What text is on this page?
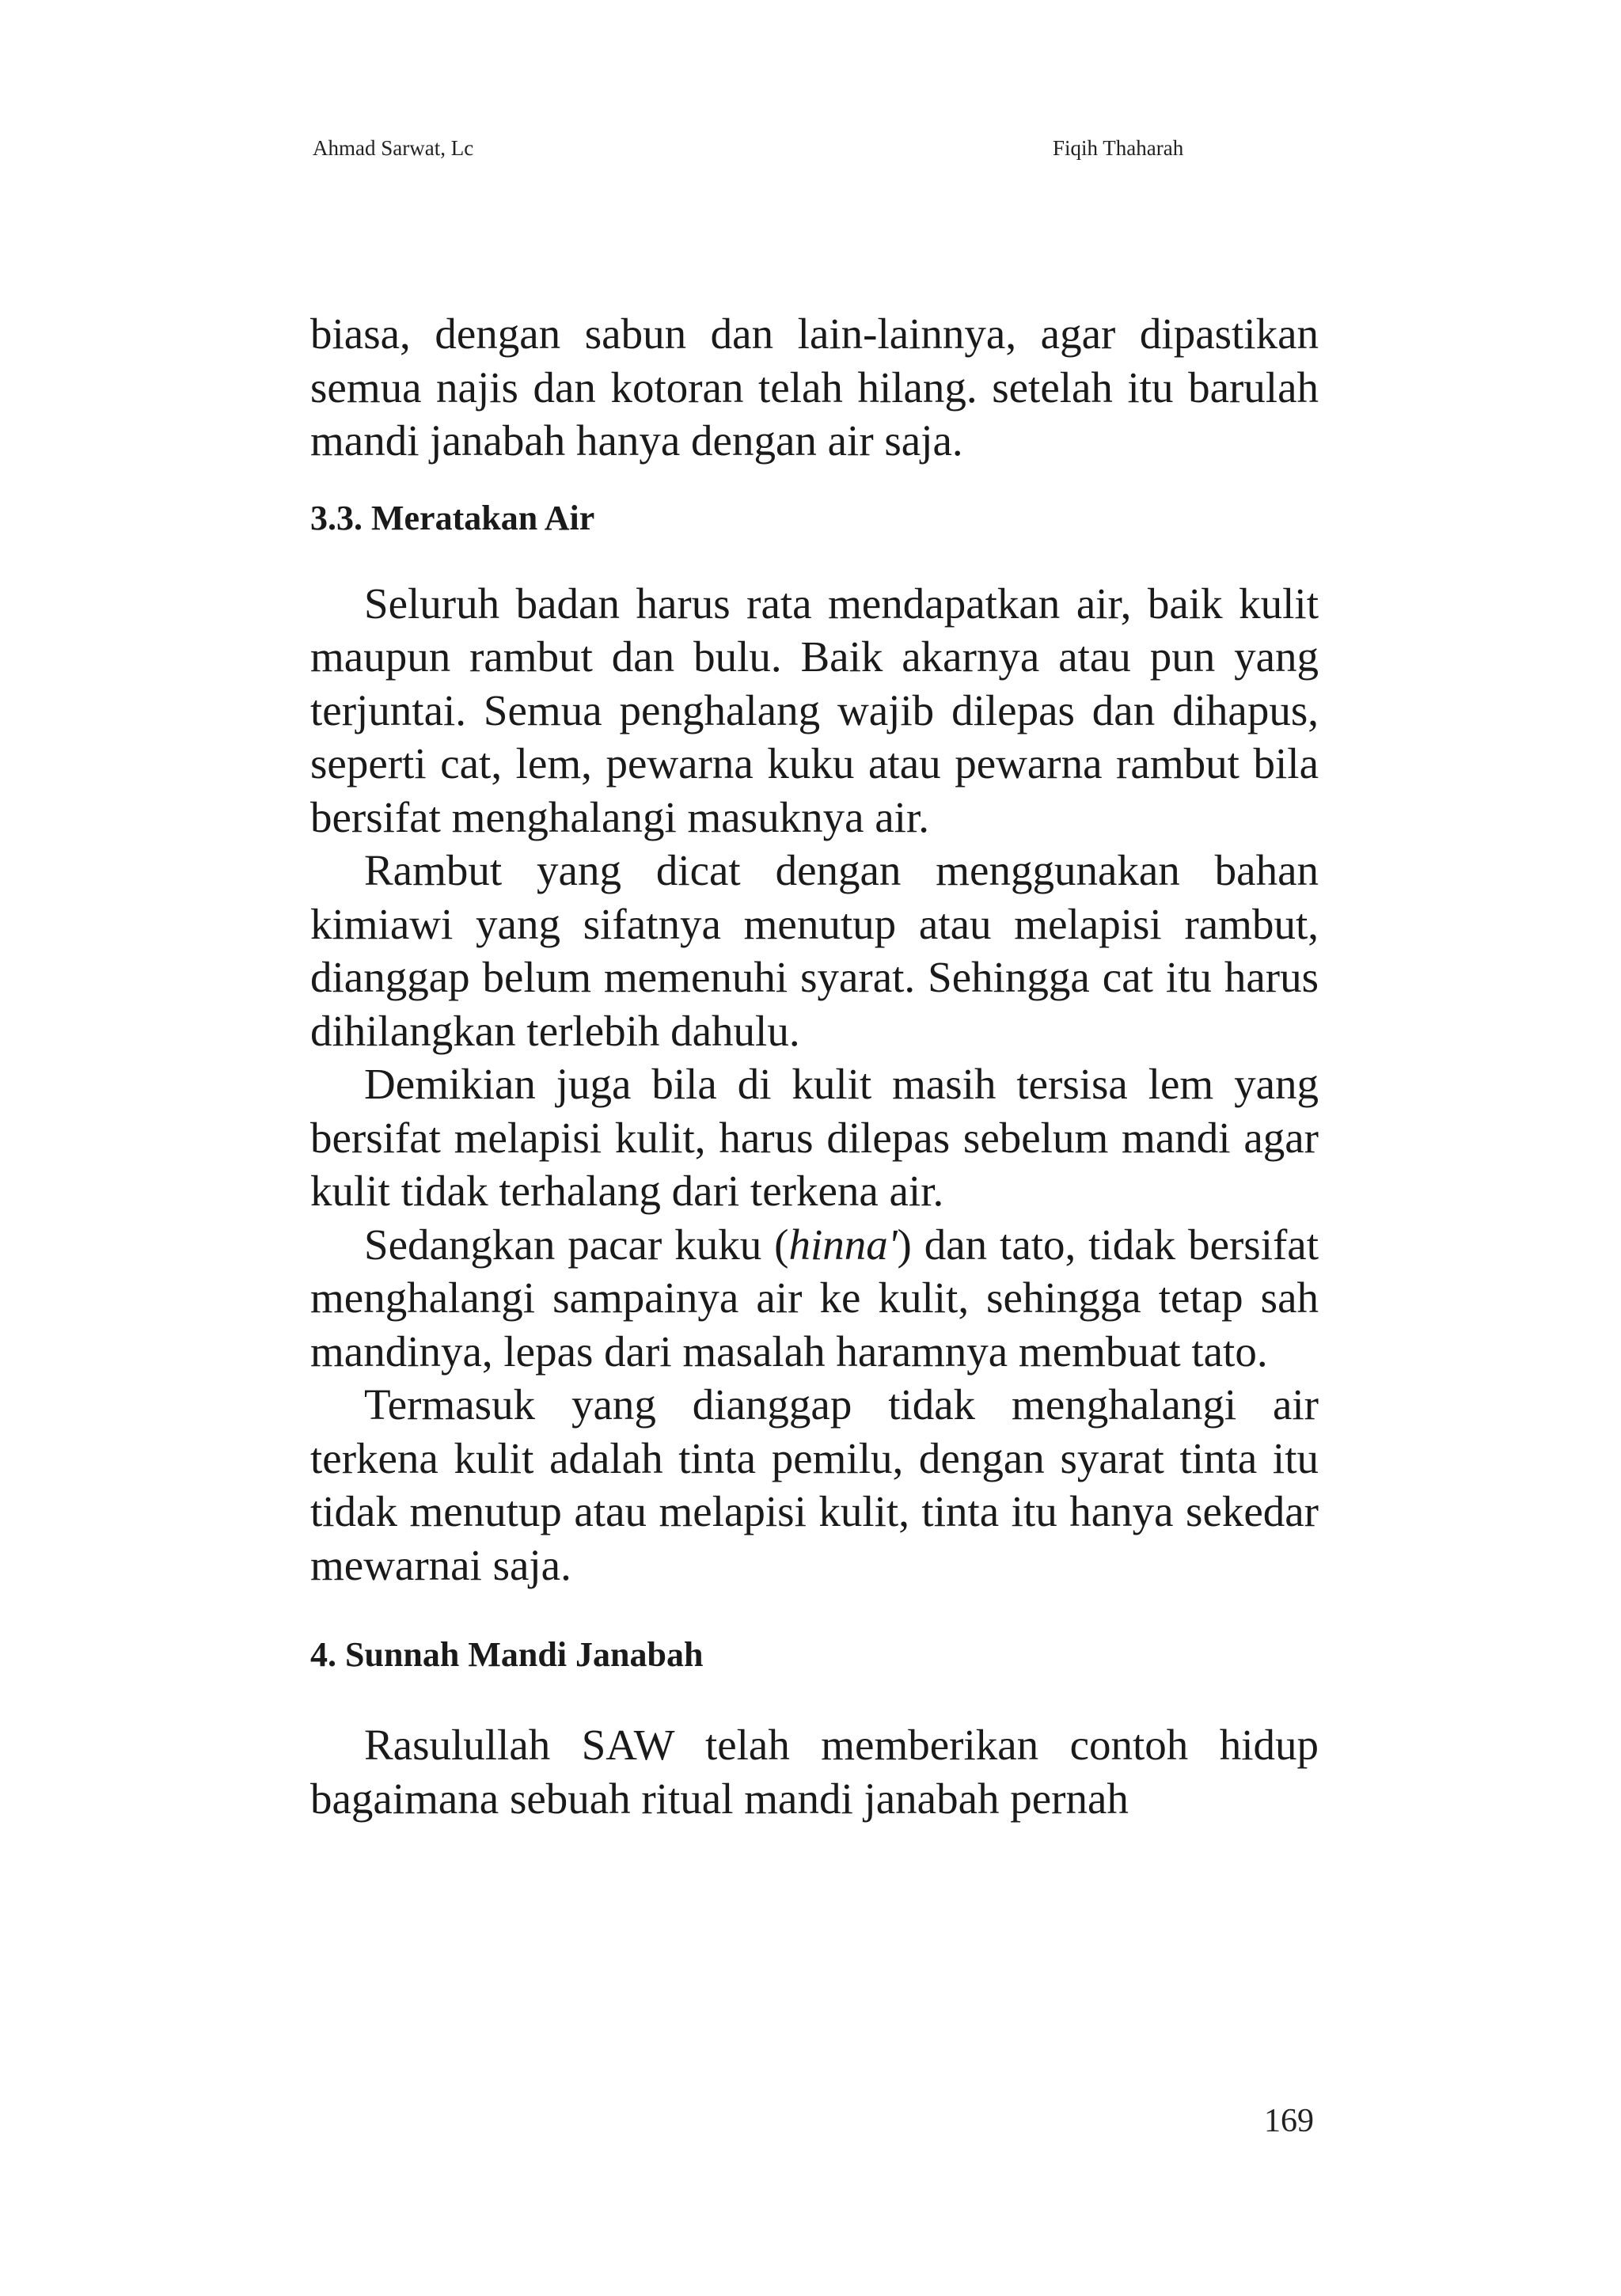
Ahmad Sarwat, Lc	Fiqih Thaharah

biasa, dengan sabun dan lain-lainnya, agar dipastikan semua najis dan kotoran telah hilang. setelah itu barulah mandi janabah hanya dengan air saja.

3.3. Meratakan Air

Seluruh badan harus rata mendapatkan air, baik kulit maupun rambut dan bulu. Baik akarnya atau pun yang terjuntai. Semua penghalang wajib dilepas dan dihapus, seperti cat, lem, pewarna kuku atau pewarna rambut bila bersifat menghalangi masuknya air.

Rambut yang dicat dengan menggunakan bahan kimiawi yang sifatnya menutup atau melapisi rambut, dianggap belum memenuhi syarat. Sehingga cat itu harus dihilangkan terlebih dahulu.

Demikian juga bila di kulit masih tersisa lem yang bersifat melapisi kulit, harus dilepas sebelum mandi agar kulit tidak terhalang dari terkena air.

Sedangkan pacar kuku (hinna') dan tato, tidak bersifat menghalangi sampainya air ke kulit, sehingga tetap sah mandinya, lepas dari masalah haramnya membuat tato.

Termasuk yang dianggap tidak menghalangi air terkena kulit adalah tinta pemilu, dengan syarat tinta itu tidak menutup atau melapisi kulit, tinta itu hanya sekedar mewarnai saja.

4. Sunnah Mandi Janabah

Rasulullah SAW telah memberikan contoh hidup bagaimana sebuah ritual mandi janabah pernah

169
